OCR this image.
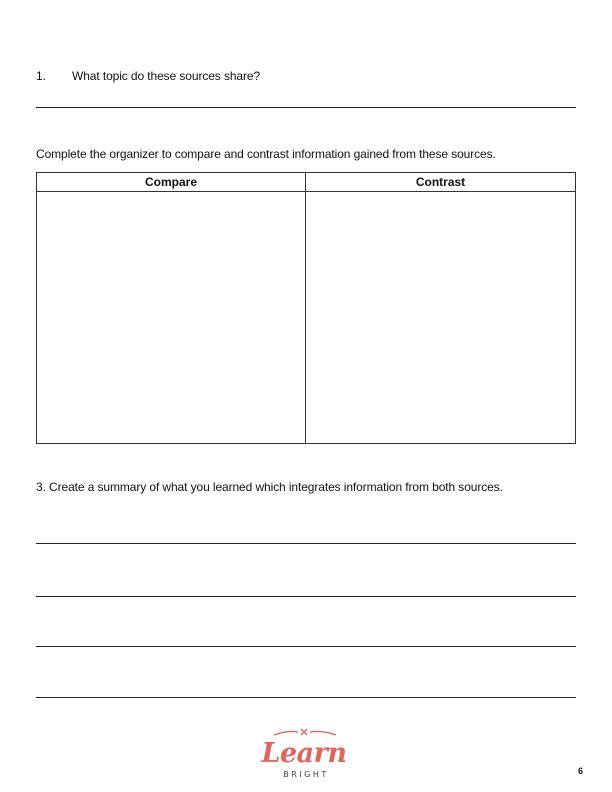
1. What topic do these sources share?
Complete the organizer to compare and contrast information gained from these sources.
Compare	Contrast
3. Create a summary of what you learned which integrates information from both sources.
Learn
BRIGHT	6
